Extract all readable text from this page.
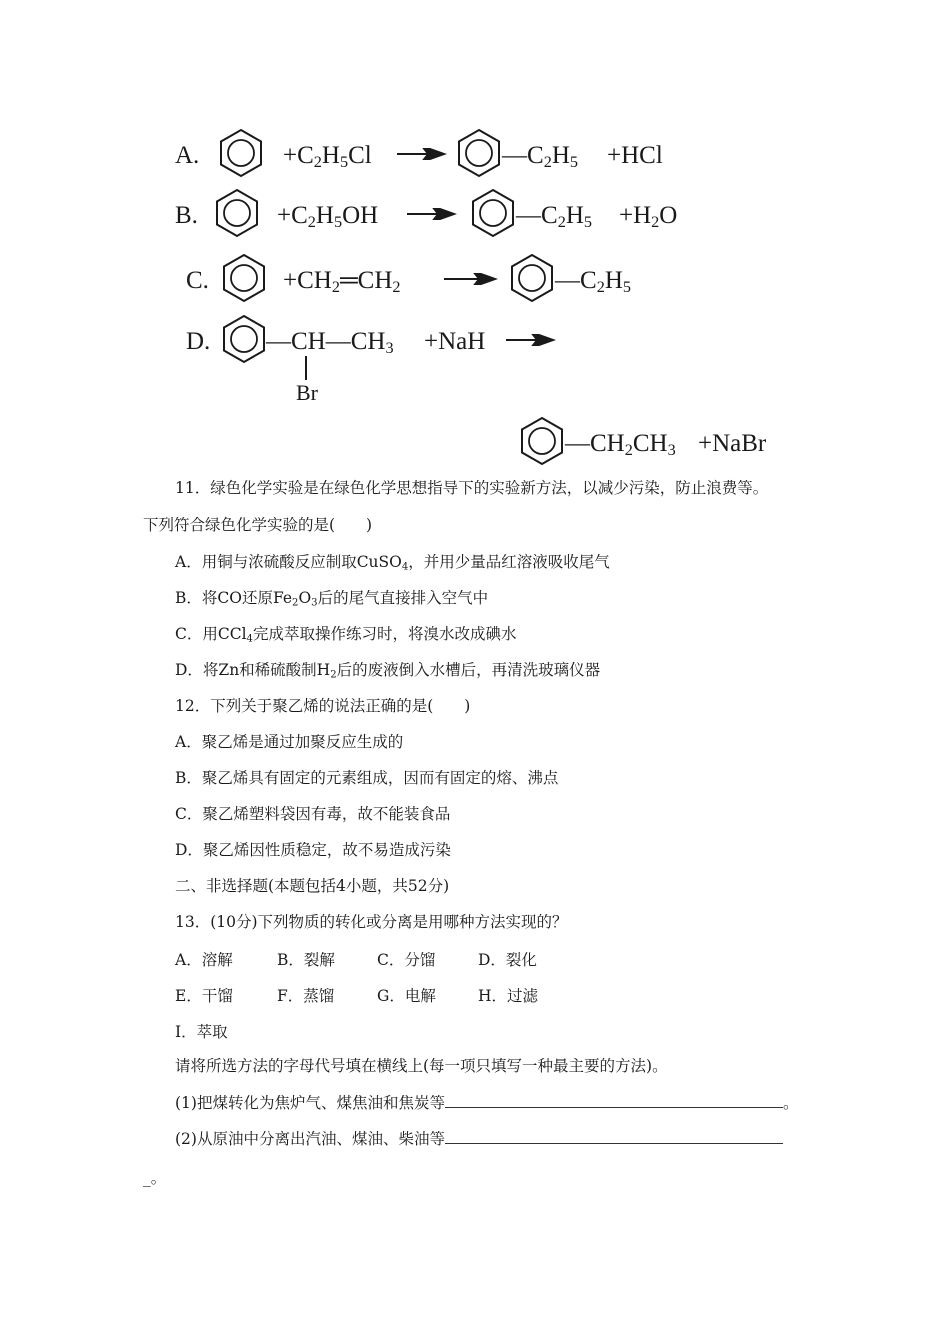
A.	$+C_2H_5Cl$	$—C_2H_5 +HCl$
B.	$+C_2H_5OH$	$—C_2H_5 +H_2O$
C.	$+CH_2═CH_2$	$—C_2H_5$
D. $—CH—CH_3 +NaH$
Br
$—CH_2CH_3$ +NaBr
11．绿色化学实验是在绿色化学思想指导下的实验新方法，以减少污染，防止浪费等。
下列符合绿色化学实验的是(　　)
A．用铜与浓硫酸反应制取CuSO$_4$，并用少量品红溶液吸收尾气
B．将CO还原$Fe_2O_3$后的尾气直接排入空气中
C．用CCl$_4$完成萃取操作练习时，将溴水改成碘水
D．将Zn和稀硫酸制$H_2$后的废液倒入水槽后，再清洗玻璃仪器
12．下列关于聚乙烯的说法正确的是(　　)
A．聚乙烯是通过加聚反应生成的
B．聚乙烯具有固定的元素组成，因而有固定的熔、沸点
C．聚乙烯塑料袋因有毒，故不能装食品
D．聚乙烯因性质稳定，故不易造成污染
二、非选择题(本题包括4小题，共52分)
13．(10分)下列物质的转化或分离是用哪种方法实现的？
A．溶解	B．裂解	C．分馏	D．裂化
E．干馏	F．蒸馏	G．电解	H．过滤
I．萃取
请将所选方法的字母代号填在横线上(每一项只填写一种最主要的方法)。
(1)把煤转化为焦炉气、煤焦油和焦炭等	。
(2)从原油中分离出汽油、煤油、柴油等
_。
